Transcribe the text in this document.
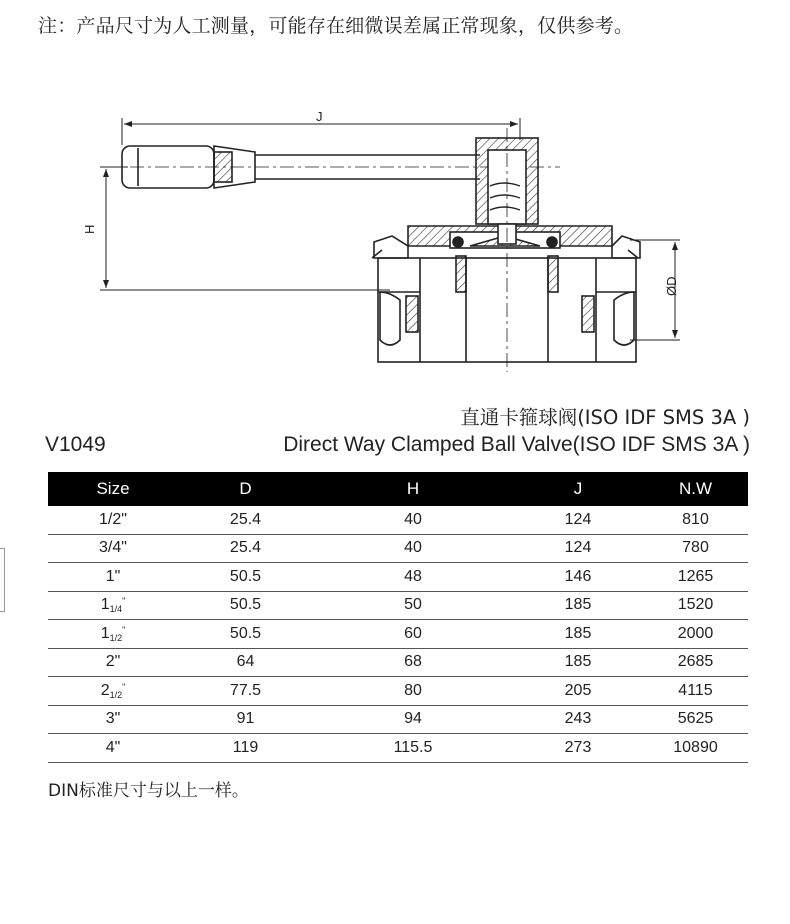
注：产品尺寸为人工测量，可能存在细微误差属正常现象，仅供参考。
J
H
ØD
直通卡箍球阀(ISO IDF SMS 3A )
V1049	Direct Way Clamped Ball Valve(ISO IDF SMS 3A )
Size	D	H	J	N.W
1/2"	25.4	40	124	810
3/4"	25.4	40	124	780
1"	50.5	48	146	1265
$1_{1/4}^"$	50.5	50	185	1520
$1_{1/2}^"$	50.5	60	185	2000
2"	64	68	185	2685
$2_{1/2}^"$	77.5	80	205	4115
3"	91	94	243	5625
4"	119	115.5	273	10890
DIN标准尺寸与以上一样。
